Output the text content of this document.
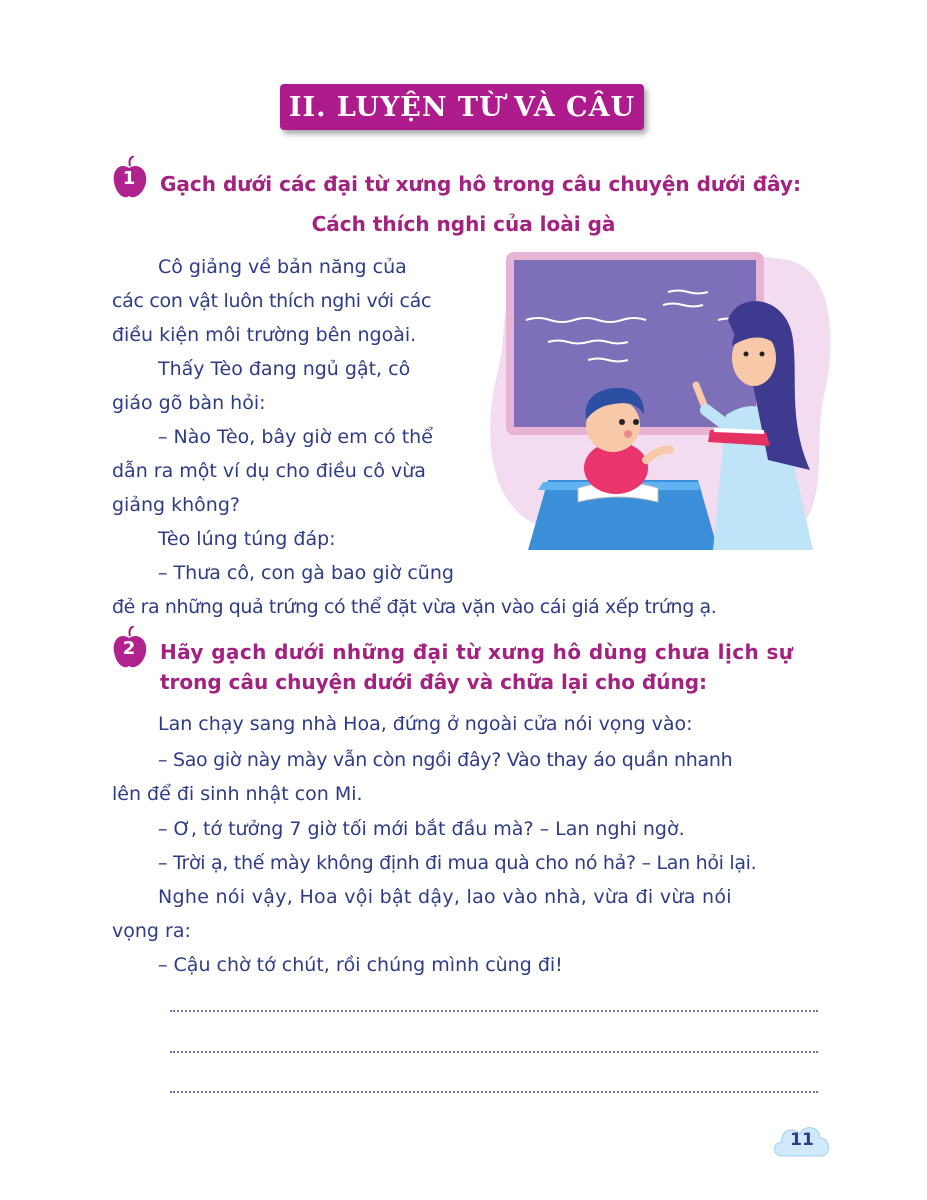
II. LUYỆN TỪ VÀ CÂU
1	Gạch dưới các đại từ xưng hô trong câu chuyện dưới đây:
Cách thích nghi của loài gà
Cô giảng về bản năng của
các con vật luôn thích nghi với các
điều kiện môi trường bên ngoài.
Thấy Tèo đang ngủ gật, cô
giáo gõ bàn hỏi:
– Nào Tèo, bây giờ em có thể
dẫn ra một ví dụ cho điều cô vừa
giảng không?
Tèo lúng túng đáp:
– Thưa cô, con gà bao giờ cũng
đẻ ra những quả trứng có thể đặt vừa vặn vào cái giá xếp trứng ạ.
2	Hãy gạch dưới những đại từ xưng hô dùng chưa lịch sự
trong câu chuyện dưới đây và chữa lại cho đúng:
Lan chạy sang nhà Hoa, đứng ở ngoài cửa nói vọng vào:
– Sao giờ này mày vẫn còn ngồi đây? Vào thay áo quần nhanh
lên để đi sinh nhật con Mi.
– Ơ, tớ tưởng 7 giờ tối mới bắt đầu mà? – Lan nghi ngờ.
– Trời ạ, thế mày không định đi mua quà cho nó hả? – Lan hỏi lại.
Nghe nói vậy, Hoa vội bật dậy, lao vào nhà, vừa đi vừa nói
vọng ra:
– Cậu chờ tớ chút, rồi chúng mình cùng đi!
11
